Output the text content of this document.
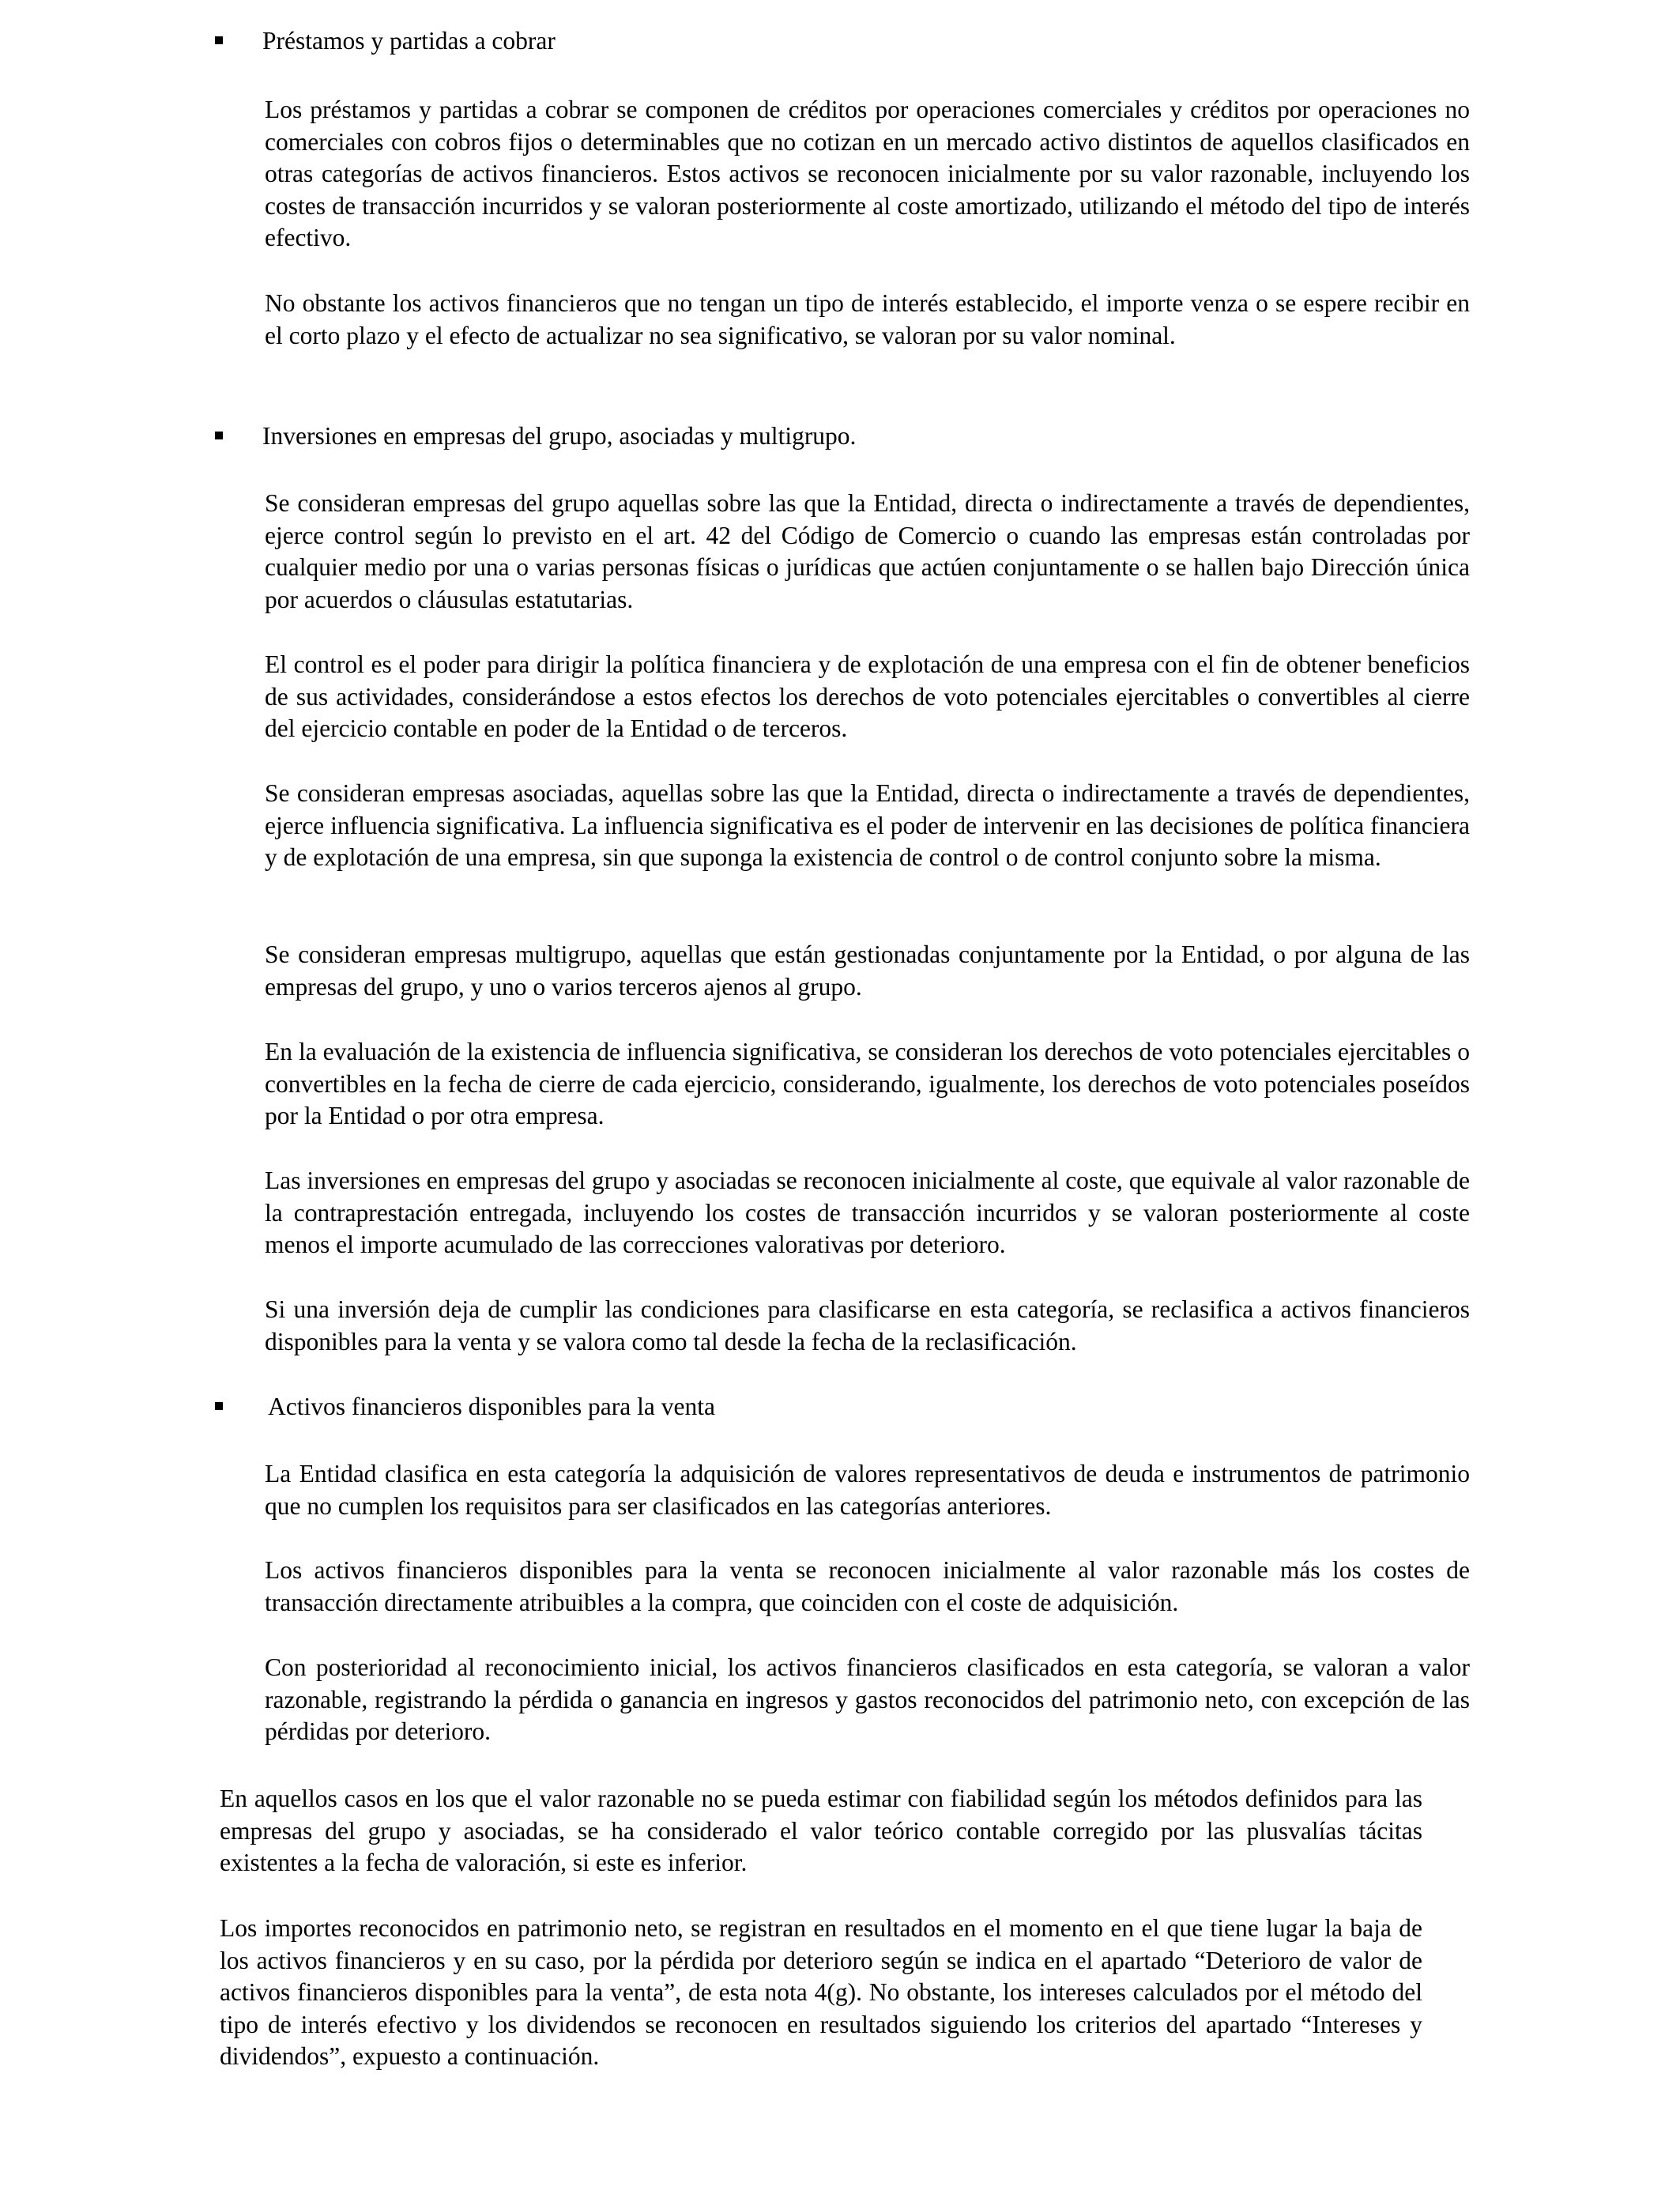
Préstamos y partidas a cobrar

Los préstamos y partidas a cobrar se componen de créditos por operaciones comerciales y créditos por operaciones no comerciales con cobros fijos o determinables que no cotizan en un mercado activo distintos de aquellos clasificados en otras categorías de activos financieros. Estos activos se reconocen inicialmente por su valor razonable, incluyendo los costes de transacción incurridos y se valoran posteriormente al coste amortizado, utilizando el método del tipo de interés efectivo.

No obstante los activos financieros que no tengan un tipo de interés establecido, el importe venza o se espere recibir en el corto plazo y el efecto de actualizar no sea significativo, se valoran por su valor nominal.

Inversiones en empresas del grupo, asociadas y multigrupo.

Se consideran empresas del grupo aquellas sobre las que la Entidad, directa o indirectamente a través de dependientes, ejerce control según lo previsto en el art. 42 del Código de Comercio o cuando las empresas están controladas por cualquier medio por una o varias personas físicas o jurídicas que actúen conjuntamente o se hallen bajo Dirección única por acuerdos o cláusulas estatutarias.

El control es el poder para dirigir la política financiera y de explotación de una empresa con el fin de obtener beneficios de sus actividades, considerándose a estos efectos los derechos de voto potenciales ejercitables o convertibles al cierre del ejercicio contable en poder de la Entidad o de terceros.

Se consideran empresas asociadas, aquellas sobre las que la Entidad, directa o indirectamente a través de dependientes, ejerce influencia significativa. La influencia significativa es el poder de intervenir en las decisiones de política financiera y de explotación de una empresa, sin que suponga la existencia de control o de control conjunto sobre la misma.

Se consideran empresas multigrupo, aquellas que están gestionadas conjuntamente por la Entidad, o por alguna de las empresas del grupo, y uno o varios terceros ajenos al grupo.

En la evaluación de la existencia de influencia significativa, se consideran los derechos de voto potenciales ejercitables o convertibles en la fecha de cierre de cada ejercicio, considerando, igualmente, los derechos de voto potenciales poseídos por la Entidad o por otra empresa.

Las inversiones en empresas del grupo y asociadas se reconocen inicialmente al coste, que equivale al valor razonable de la contraprestación entregada, incluyendo los costes de transacción incurridos y se valoran posteriormente al coste menos el importe acumulado de las correcciones valorativas por deterioro.

Si una inversión deja de cumplir las condiciones para clasificarse en esta categoría, se reclasifica a activos financieros disponibles para la venta y se valora como tal desde la fecha de la reclasificación.

Activos financieros disponibles para la venta

La Entidad clasifica en esta categoría la adquisición de valores representativos de deuda e instrumentos de patrimonio que no cumplen los requisitos para ser clasificados en las categorías anteriores.

Los activos financieros disponibles para la venta se reconocen inicialmente al valor razonable más los costes de transacción directamente atribuibles a la compra, que coinciden con el coste de adquisición.

Con posterioridad al reconocimiento inicial, los activos financieros clasificados en esta categoría, se valoran a valor razonable, registrando la pérdida o ganancia en ingresos y gastos reconocidos del patrimonio neto, con excepción de las pérdidas por deterioro.

En aquellos casos en los que el valor razonable no se pueda estimar con fiabilidad según los métodos definidos para las empresas del grupo y asociadas, se ha considerado el valor teórico contable corregido por las plusvalías tácitas existentes a la fecha de valoración, si este es inferior.

Los importes reconocidos en patrimonio neto, se registran en resultados en el momento en el que tiene lugar la baja de los activos financieros y en su caso, por la pérdida por deterioro según se indica en el apartado “Deterioro de valor de activos financieros disponibles para la venta”, de esta nota 4(g). No obstante, los intereses calculados por el método del tipo de interés efectivo y los dividendos se reconocen en resultados siguiendo los criterios del apartado “Intereses y dividendos”, expuesto a continuación.
